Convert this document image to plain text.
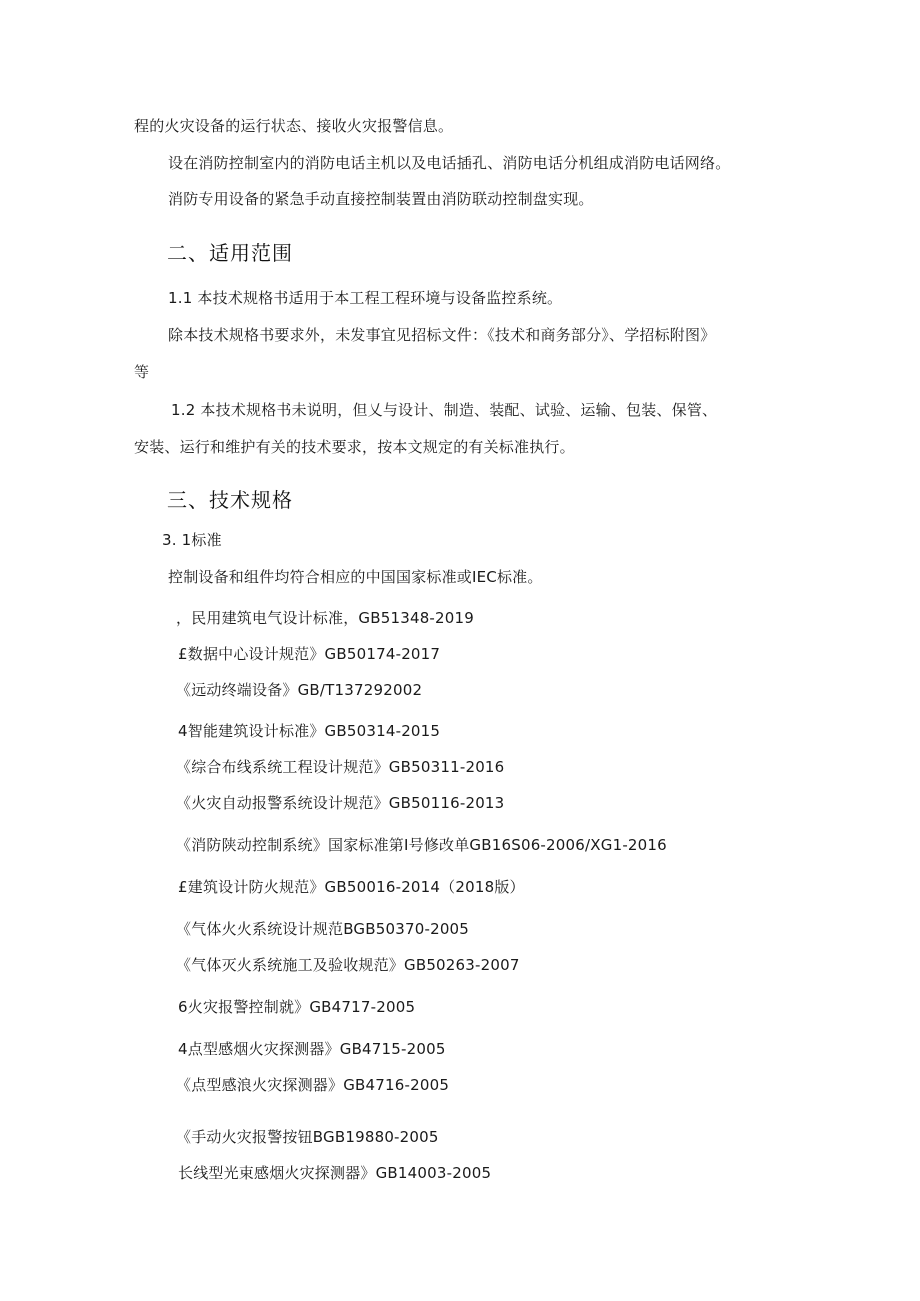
程的火灾设备的运行状态、接收火灾报警信息。
设在消防控制室内的消防电话主机以及电话插孔、消防电话分机组成消防电话网络。
消防专用设备的紧急手动直接控制装置由消防联动控制盘实现。
二、适用范围
1.1 本技术规格书适用于本工程工程环境与设备监控系统。
除本技术规格书要求外，未发事宜见招标文件：《技术和商务部分》、学招标附图》
等
1.2 本技术规格书未说明，但乂与设计、制造、装配、试验、运输、包装、保管、
安装、运行和维护有关的技术要求，按本文规定的有关标准执行。
三、技术规格
3. 1标准
控制设备和组件均符合相应的中国国家标准或IEC标准。
，民用建筑电气设计标准，GB51348-2019
£数据中心设计规范》GB50174-2017
《远动终端设备》GB/T137292002
4智能建筑设计标准》GB50314-2015
《综合布线系统工程设计规范》GB50311-2016
《火灾自动报警系统设计规范》GB50116-2013
《消防陕动控制系统》国家标准第I号修改单GB16S06-2006/XG1-2016
£建筑设计防火规范》GB50016-2014（2018版）
《气体火火系统设计规范BGB50370-2005
《气体灭火系统施工及验收规范》GB50263-2007
6火灾报警控制就》GB4717-2005
4点型感烟火灾探测器》GB4715-2005
《点型感浪火灾探测器》GB4716-2005
《手动火灾报警按钮BGB19880-2005
长线型光束感烟火灾探测器》GB14003-2005
